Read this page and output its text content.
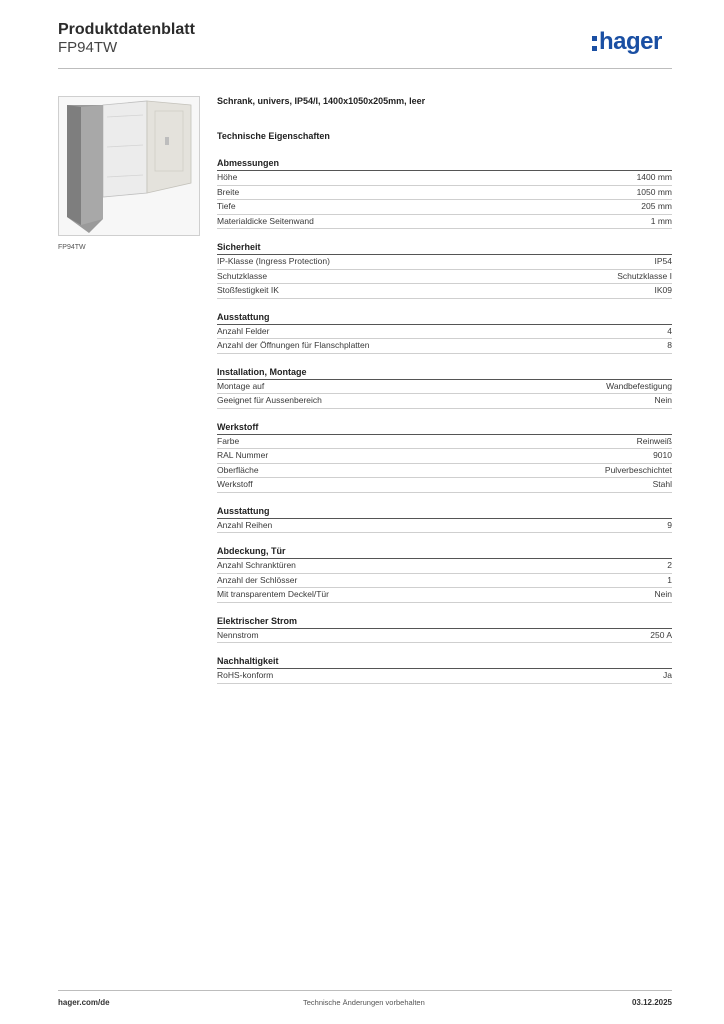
Produktdatenblatt
FP94TW	hager
FP94TW
Schrank, univers, IP54/I, 1400x1050x205mm, leer
Technische Eigenschaften
Abmessungen
Höhe	1400 mm
Breite	1050 mm
Tiefe	205 mm
Materialdicke Seitenwand	1 mm
Sicherheit
IP-Klasse (Ingress Protection)	IP54
Schutzklasse	Schutzklasse I
Stoßfestigkeit IK	IK09
Ausstattung
Anzahl Felder	4
Anzahl der Öffnungen für Flanschplatten	8
Installation, Montage
Montage auf	Wandbefestigung
Geeignet für Aussenbereich	Nein
Werkstoff
Farbe	Reinweiß
RAL Nummer	9010
Oberfläche	Pulverbeschichtet
Werkstoff	Stahl
Ausstattung
Anzahl Reihen	9
Abdeckung, Tür
Anzahl Schranktüren	2
Anzahl der Schlösser	1
Mit transparentem Deckel/Tür	Nein
Elektrischer Strom
Nennstrom	250 A
Nachhaltigkeit
RoHS-konform	Ja
hager.com/de	Technische Änderungen vorbehalten	03.12.2025
